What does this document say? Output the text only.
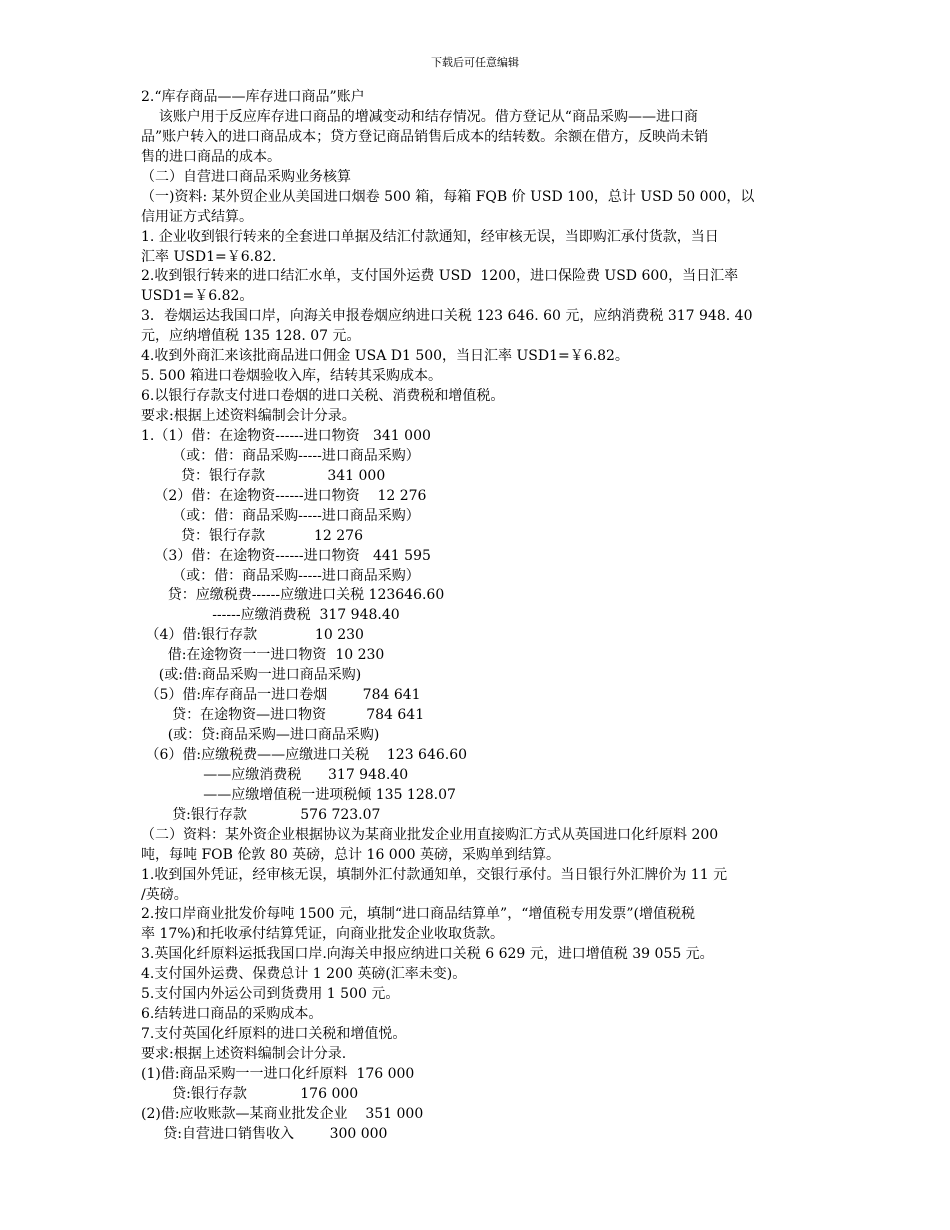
下载后可任意编辑
2.“库存商品——库存进口商品”账户
该账户用于反应库存进口商品的增减变动和结存情况。借方登记从“商品采购——进口商
品”账户转入的进口商品成本；贷方登记商品销售后成本的结转数。余额在借方，反映尚未销
售的进口商品的成本。
（二）自营进口商品采购业务核算
（一)资料: 某外贸企业从美国进口烟卷 500 箱，每箱 FQB 价 USD 100，总计 USD 50 000，以
信用证方式结算。
1. 企业收到银行转来的全套进口单据及结汇付款通知，经审核无误，当即购汇承付货款，当日
汇率 USD1=￥6.82.
2.收到银行转来的进口结汇水单，支付国外运费 USD  1200，进口保险费 USD 600，当日汇率
USD1=￥6.82。
3．卷烟运达我国口岸，向海关申报卷烟应纳进口关税 123 646. 60 元，应纳消费税 317 948. 40
元，应纳增值税 135 128. 07 元。
4.收到外商汇来该批商品进口佣金 USA D1 500，当日汇率 USD1=￥6.82。
5. 500 箱进口卷烟验收入库，结转其采购成本。
6.以银行存款支付进口卷烟的进口关税、消费税和增值税。
要求:根据上述资料编制会计分录。
1.（1）借：在途物资------进口物资   341 000
（或：借：商品采购-----进口商品采购）
贷：银行存款              341 000
（2）借：在途物资------进口物资    12 276
（或：借：商品采购-----进口商品采购）
贷：银行存款           12 276
（3）借：在途物资------进口物资   441 595
（或：借：商品采购-----进口商品采购）
贷：应缴税费------应缴进口关税 123646.60
------应缴消费税  317 948.40
（4）借:银行存款             10 230
借:在途物资一一进口物资  10 230
(或:借:商品采购一进口商品采购)
（5）借:库存商品一进口卷烟        784 641
贷：在途物资—进口物资         784 641
(或：贷:商品采购—进口商品采购)
（6）借:应缴税费——应缴进口关税    123 646.60
——应缴消费税      317 948.40
——应缴增值税一进项税倾 135 128.07
贷:银行存款            576 723.07
（二）资料：某外资企业根据协议为某商业批发企业用直接购汇方式从英国进口化纤原料 200
吨，每吨 FOB 伦敦 80 英磅，总计 16 000 英磅，采购单到结算。
1.收到国外凭证，经审核无误，填制外汇付款通知单，交银行承付。当日银行外汇牌价为 11 元
/英磅。
2.按口岸商业批发价每吨 1500 元，填制“进口商品结算单”，“增值税专用发票”(增值税税
率 17%)和托收承付结算凭证，向商业批发企业收取货款。
3.英国化纤原料运抵我国口岸.向海关申报应纳进口关税 6 629 元，进口增值税 39 055 元。
4.支付国外运费、保费总计 1 200 英磅(汇率未变)。
5.支付国内外运公司到货费用 1 500 元。
6.结转进口商品的采购成本。
7.支付英国化纤原料的进口关税和增值悦。
要求:根据上述资料编制会计分录.
(1)借:商品采购一一进口化纤原料  176 000
贷:银行存款            176 000
(2)借:应收账款—某商业批发企业    351 000
贷:自营进口销售收入        300 000
